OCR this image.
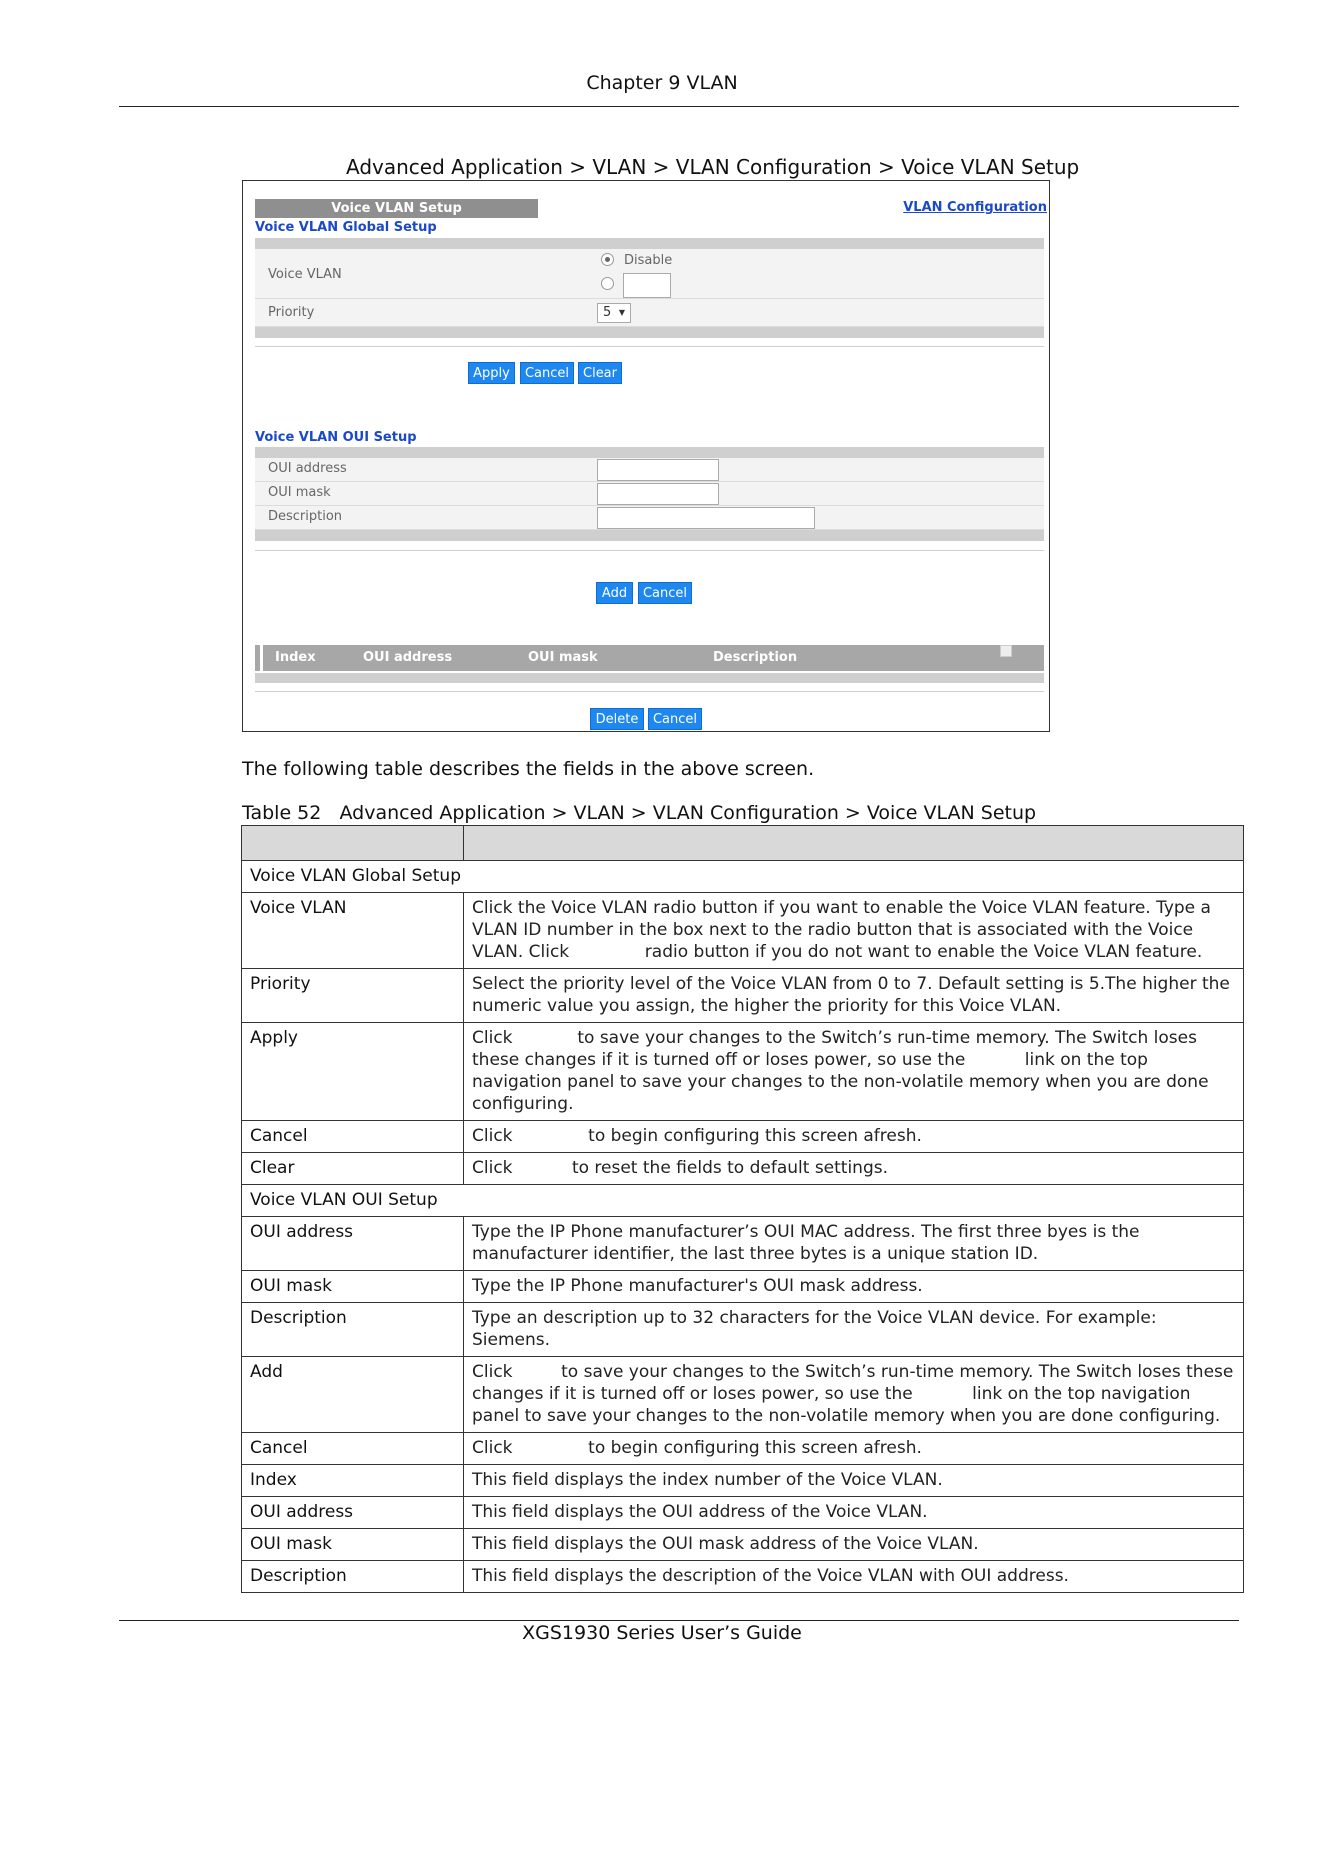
Chapter 9 VLAN
Advanced Application > VLAN > VLAN Configuration > Voice VLAN Setup
Voice VLAN Setup	VLAN Configuration
Voice VLAN Global Setup
Voice VLAN
Disable
Priority	5 ▼
Apply	Cancel	Clear
Voice VLAN OUI Setup
OUI address
OUI mask
Description
Add	Cancel
Index	OUI address	OUI mask	Description
Delete	Cancel
The following table describes the fields in the above screen.
Table 52 Advanced Application > VLAN > VLAN Configuration > Voice VLAN Setup

Voice VLAN Global Setup	
Voice VLAN	Click the Voice VLAN radio button if you want to enable the Voice VLAN feature. Type a VLAN ID number in the box next to the radio button that is associated with the Voice VLAN. Click              radio button if you do not want to enable the Voice VLAN feature.
Priority	Select the priority level of the Voice VLAN from 0 to 7. Default setting is 5.The higher the numeric value you assign, the higher the priority for this Voice VLAN.
Apply	Click            to save your changes to the Switch’s run-time memory. The Switch loses these changes if it is turned off or loses power, so use the           link on the top navigation panel to save your changes to the non-volatile memory when you are done configuring.
Cancel	Click              to begin configuring this screen afresh.
Clear	Click           to reset the fields to default settings.
Voice VLAN OUI Setup	
OUI address	Type the IP Phone manufacturer’s OUI MAC address. The first three byes is the manufacturer identifier, the last three bytes is a unique station ID.
OUI mask	Type the IP Phone manufacturer's OUI mask address.
Description	Type an description up to 32 characters for the Voice VLAN device. For example: Siemens.
Add	Click         to save your changes to the Switch’s run-time memory. The Switch loses these changes if it is turned off or loses power, so use the           link on the top navigation panel to save your changes to the non-volatile memory when you are done configuring.
Cancel	Click              to begin configuring this screen afresh.
Index	This field displays the index number of the Voice VLAN.
OUI address	This field displays the OUI address of the Voice VLAN.
OUI mask	This field displays the OUI mask address of the Voice VLAN.
Description	This field displays the description of the Voice VLAN with OUI address.
XGS1930 Series User’s Guide
